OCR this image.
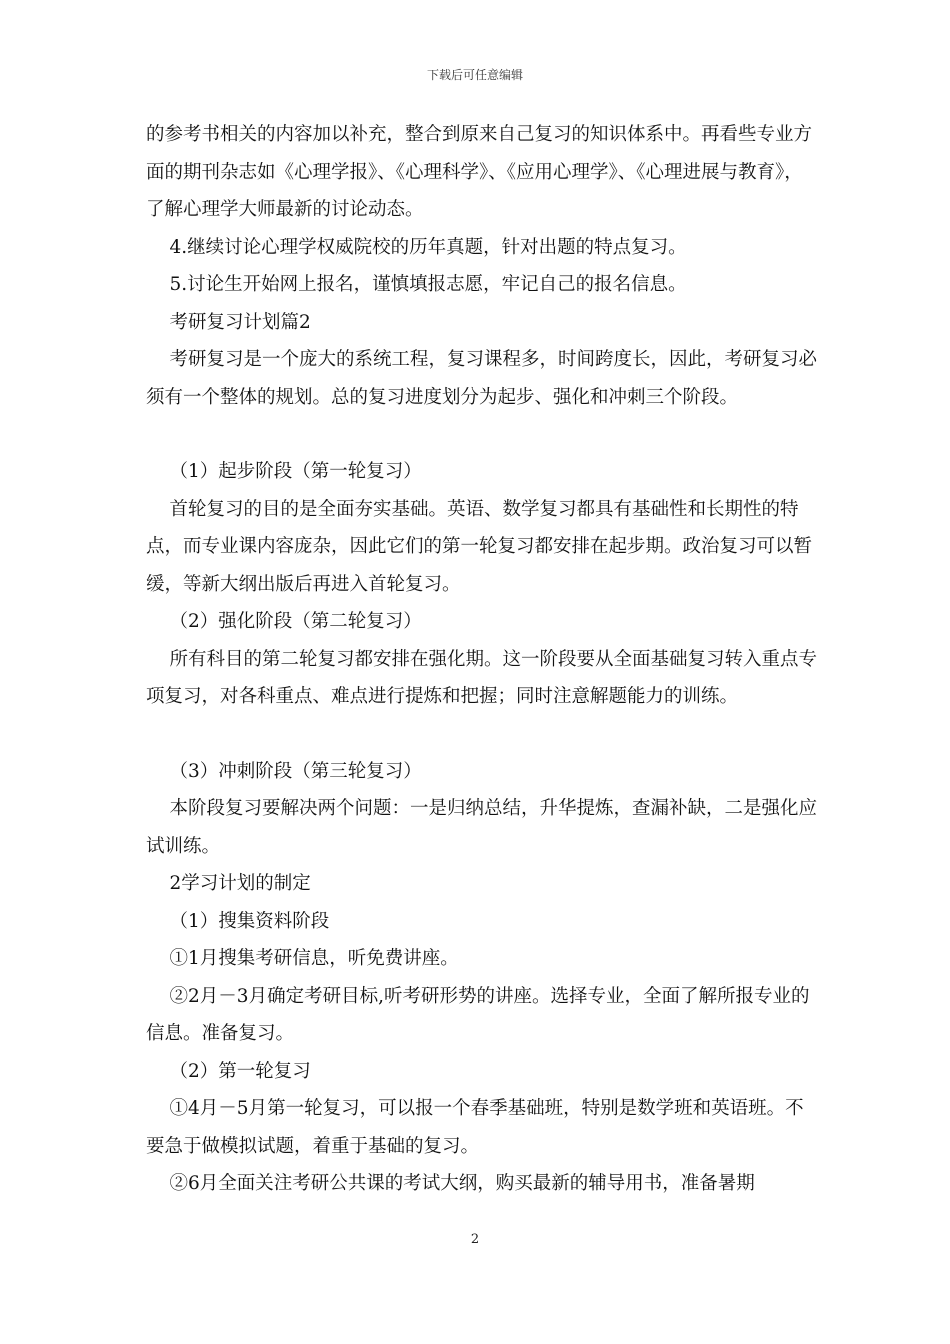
下载后可任意编辑

的参考书相关的内容加以补充，整合到原来自己复习的知识体系中。再看些专业方面的期刊杂志如《心理学报》、《心理科学》、《应用心理学》、《心理进展与教育》，了解心理学大师最新的讨论动态。

4.继续讨论心理学权威院校的历年真题，针对出题的特点复习。

5.讨论生开始网上报名，谨慎填报志愿，牢记自己的报名信息。

考研复习计划篇2

考研复习是一个庞大的系统工程，复习课程多，时间跨度长，因此，考研复习必须有一个整体的规划。总的复习进度划分为起步、强化和冲刺三个阶段。

（1）起步阶段（第一轮复习）

首轮复习的目的是全面夯实基础。英语、数学复习都具有基础性和长期性的特点，而专业课内容庞杂，因此它们的第一轮复习都安排在起步期。政治复习可以暂缓，等新大纲出版后再进入首轮复习。

（2）强化阶段（第二轮复习）

所有科目的第二轮复习都安排在强化期。这一阶段要从全面基础复习转入重点专项复习，对各科重点、难点进行提炼和把握；同时注意解题能力的训练。

（3）冲刺阶段（第三轮复习）

本阶段复习要解决两个问题：一是归纳总结，升华提炼，查漏补缺，二是强化应试训练。

2学习计划的制定

（1）搜集资料阶段

①1月搜集考研信息，听免费讲座。

②2月－3月确定考研目标,听考研形势的讲座。选择专业，全面了解所报专业的信息。准备复习。

（2）第一轮复习

①4月－5月第一轮复习，可以报一个春季基础班，特别是数学班和英语班。不要急于做模拟试题，着重于基础的复习。

②6月全面关注考研公共课的考试大纲，购买最新的辅导用书，准备暑期

2
